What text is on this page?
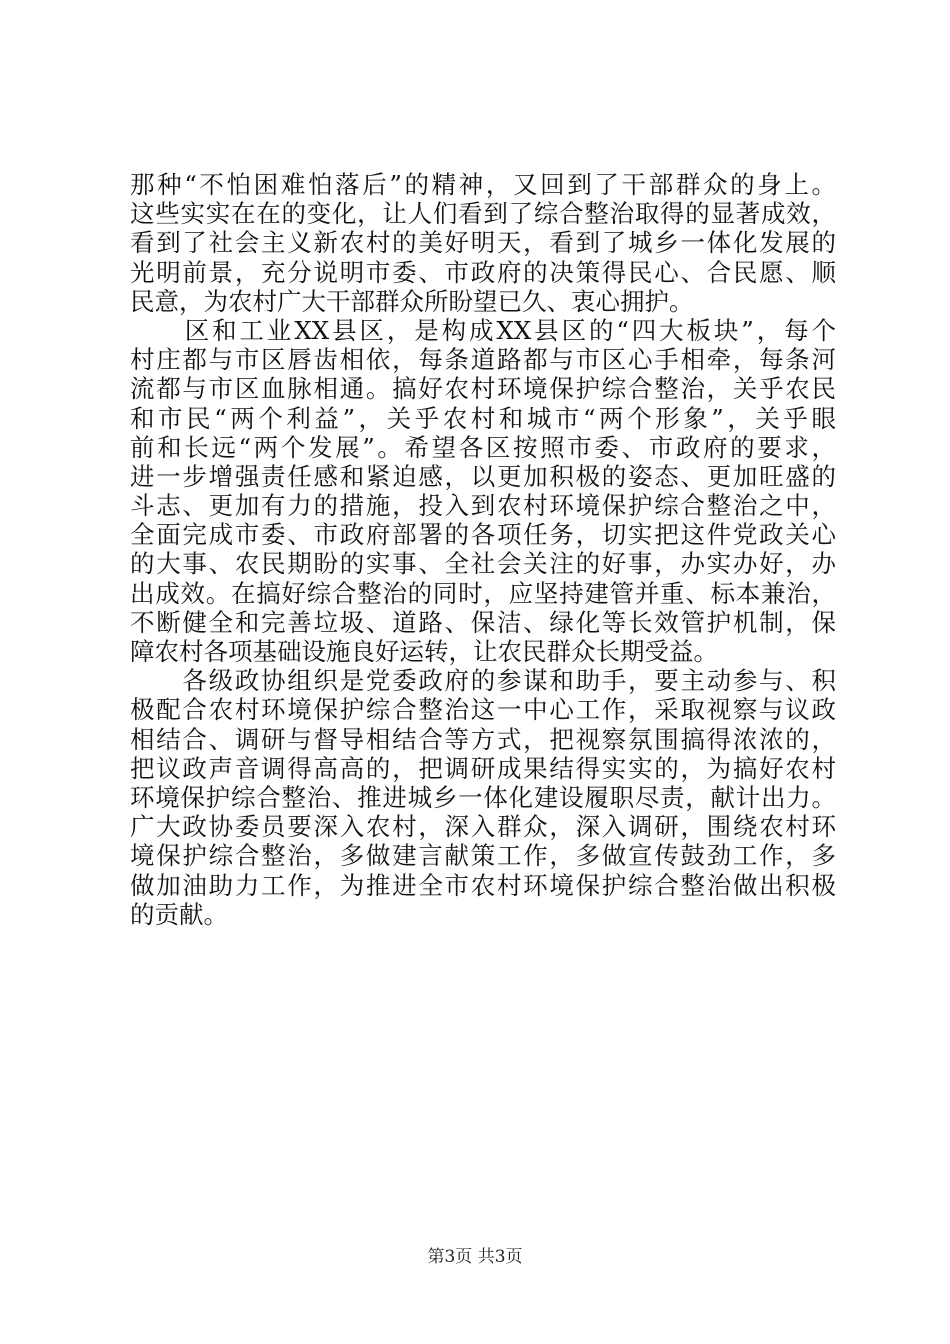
那种“不怕困难怕落后”的精神，又回到了干部群众的身上。
这些实实在在的变化，让人们看到了综合整治取得的显著成效，
看到了社会主义新农村的美好明天，看到了城乡一体化发展的
光明前景，充分说明市委、市政府的决策得民心、合民愿、顺
民意，为农村广大干部群众所盼望已久、衷心拥护。
　　区和工业XX县区，是构成XX县区的“四大板块”，每个
村庄都与市区唇齿相依，每条道路都与市区心手相牵，每条河
流都与市区血脉相通。搞好农村环境保护综合整治，关乎农民
和市民“两个利益”，关乎农村和城市“两个形象”，关乎眼
前和长远“两个发展”。希望各区按照市委、市政府的要求，
进一步增强责任感和紧迫感，以更加积极的姿态、更加旺盛的
斗志、更加有力的措施，投入到农村环境保护综合整治之中，
全面完成市委、市政府部署的各项任务，切实把这件党政关心
的大事、农民期盼的实事、全社会关注的好事，办实办好，办
出成效。在搞好综合整治的同时，应坚持建管并重、标本兼治，
不断健全和完善垃圾、道路、保洁、绿化等长效管护机制，保
障农村各项基础设施良好运转，让农民群众长期受益。
　　各级政协组织是党委政府的参谋和助手，要主动参与、积
极配合农村环境保护综合整治这一中心工作，采取视察与议政
相结合、调研与督导相结合等方式，把视察氛围搞得浓浓的，
把议政声音调得高高的，把调研成果结得实实的，为搞好农村
环境保护综合整治、推进城乡一体化建设履职尽责，献计出力。
广大政协委员要深入农村，深入群众，深入调研，围绕农村环
境保护综合整治，多做建言献策工作，多做宣传鼓劲工作，多
做加油助力工作，为推进全市农村环境保护综合整治做出积极
的贡献。
第3页 共3页
